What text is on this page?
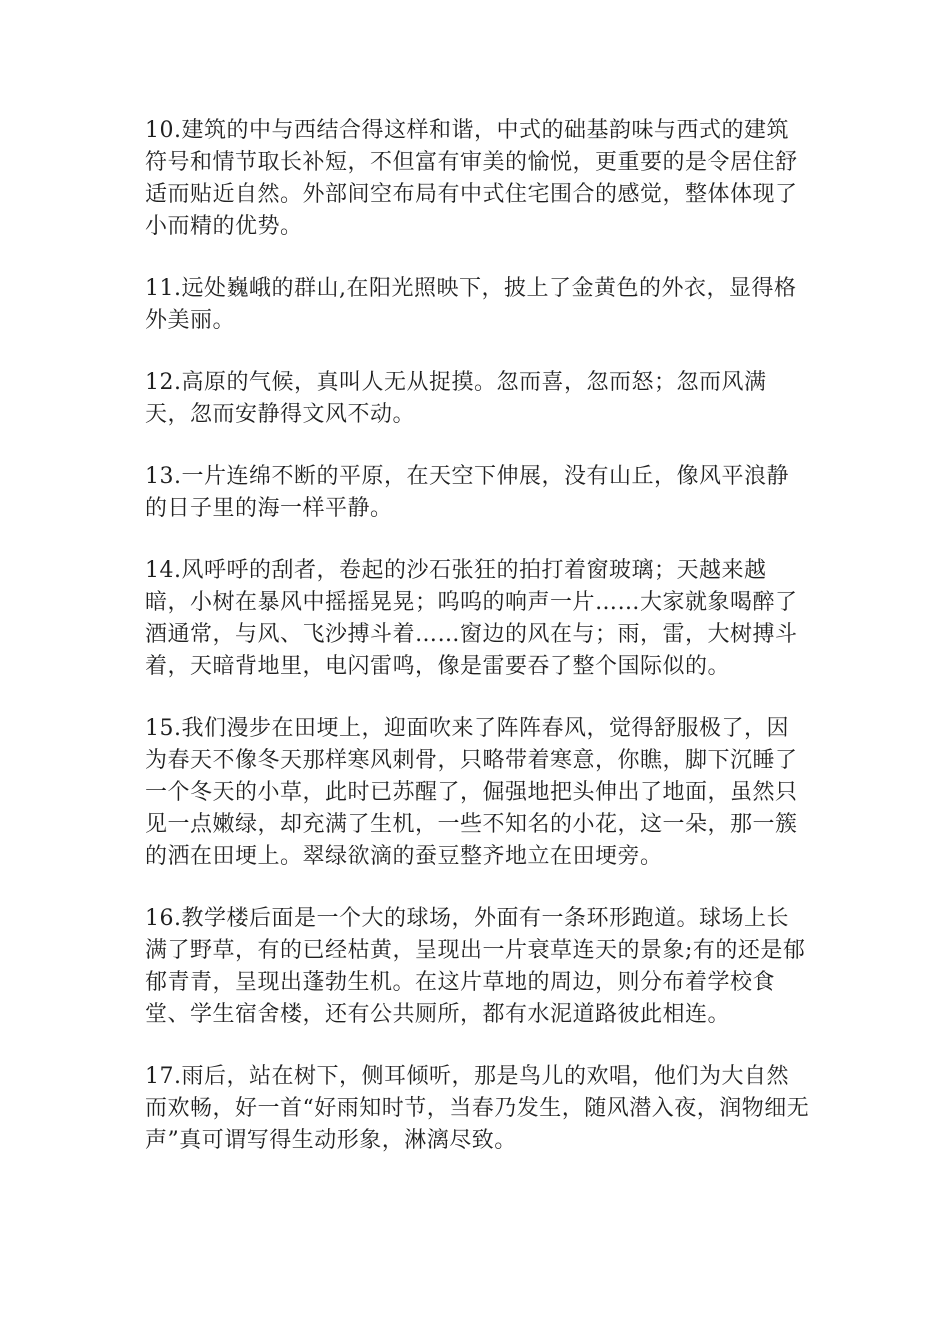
10.建筑的中与西结合得这样和谐，中式的础基韵味与西式的建筑符号和情节取长补短，不但富有审美的愉悦，更重要的是令居住舒适而贴近自然。外部间空布局有中式住宅围合的感觉，整体体现了小而精的优势。

11.远处巍峨的群山,在阳光照映下，披上了金黄色的外衣，显得格外美丽。

12.高原的气候，真叫人无从捉摸。忽而喜，忽而怒；忽而风满天，忽而安静得文风不动。

13.一片连绵不断的平原，在天空下伸展，没有山丘，像风平浪静的日子里的海一样平静。

14.风呼呼的刮者，卷起的沙石张狂的拍打着窗玻璃；天越来越暗，小树在暴风中摇摇晃晃；呜呜的响声一片……大家就象喝醉了酒通常，与风、飞沙搏斗着……窗边的风在与；雨，雷，大树搏斗着，天暗背地里，电闪雷鸣，像是雷要吞了整个国际似的。

15.我们漫步在田埂上，迎面吹来了阵阵春风，觉得舒服极了，因为春天不像冬天那样寒风刺骨，只略带着寒意，你瞧，脚下沉睡了一个冬天的小草，此时已苏醒了，倔强地把头伸出了地面，虽然只见一点嫩绿，却充满了生机，一些不知名的小花，这一朵，那一簇的洒在田埂上。翠绿欲滴的蚕豆整齐地立在田埂旁。

16.教学楼后面是一个大的球场，外面有一条环形跑道。球场上长满了野草，有的已经枯黄，呈现出一片衰草连天的景象;有的还是郁郁青青，呈现出蓬勃生机。在这片草地的周边，则分布着学校食堂、学生宿舍楼，还有公共厕所，都有水泥道路彼此相连。

17.雨后，站在树下，侧耳倾听，那是鸟儿的欢唱，他们为大自然而欢畅，好一首“好雨知时节，当春乃发生，随风潜入夜，润物细无声”真可谓写得生动形象，淋漓尽致。
